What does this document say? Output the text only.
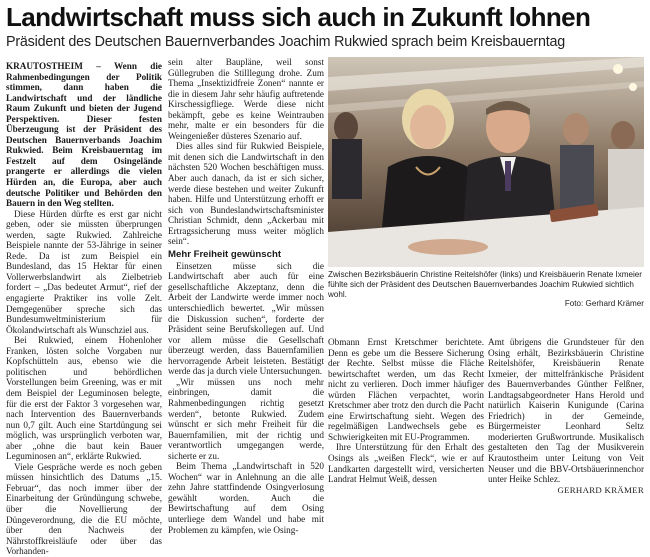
Landwirtschaft muss sich auch in Zukunft lohnen
Präsident des Deutschen Bauernverbandes Joachim Rukwied sprach beim Kreisbauerntag

KRAUTOSTHEIM – Wenn die Rahmenbedingungen der Politik stimmen, dann haben die Landwirtschaft und der ländliche Raum Zukunft und bieten der Jugend Perspektiven. Dieser festen Überzeugung ist der Präsident des Deutschen Bauernverbands Joachim Rukwied. Beim Kreisbauerntag im Festzelt auf dem Osingelände prangerte er allerdings die vielen Hürden an, die Europa, aber auch deutsche Politiker und Behörden den Bauern in den Weg stellten.

Diese Hürden dürfte es erst gar nicht geben, oder sie müssten überprungen werden, sagte Rukwied. Zahlreiche Beispiele nannte der 53-Jährige in seiner Rede. Da ist zum Beispiel ein Bundesland, das 15 Hektar für einen Vollerwerbslandwirt als Zielbetrieb fordert – „Das bedeutet Armut“, rief der engagierte Praktiker ins volle Zelt. Demgegenüber spreche sich das Bundesumweltministerium für Ökolandwirtschaft als Wunschziel aus.

Bei Rukwied, einem Hohenloher Franken, lösten solche Vorgaben nur Kopfschütteln aus, ebenso wie die politischen und behördlichen Vorstellungen beim Greening, was er mit dem Beispiel der Leguminosen belegte, für die erst der Faktor 3 vorgesehen war, nach Intervention des Bauernverbands nun 0,7 gilt. Auch eine Startdüngung sei möglich, was ursprünglich verboten war, aber „ohne die baut kein Bauer Leguminosen an“, erklärte Rukwied.

Viele Gespräche werde es noch geben müssen hinsichtlich des Datums „15. Februar“, das noch immer über der Einarbeitung der Gründüngung schwebe, über die Novellierung der Düngeverordnung, die die EU möchte, über den Nachweis der Nährstoffkreisläufe oder über das Vorhanden-

sein alter Baupläne, weil sonst Güllegruben die Stilllegung drohe. Zum Thema „Insektizidfreie Zonen“ nannte er die in diesem Jahr sehr häufig auftretende Kirschessigfliege. Werde diese nicht bekämpft, gebe es keine Weintrauben mehr, malte er ein besonders für die Weingenießer düsteres Szenario auf.

Dies alles sind für Rukwied Beispiele, mit denen sich die Landwirtschaft in den nächsten 520 Wochen beschäftigen muss. Aber auch danach, da ist er sich sicher, werde diese bestehen und weiter Zukunft haben. Hilfe und Unterstützung erhofft er sich von Bundeslandwirtschaftsminister Christian Schmidt, denn „Ackerbau mit Ertragssicherung muss weiter möglich sein“.

Mehr Freiheit gewünscht

Einsetzen müsse sich die Landwirtschaft aber auch für eine gesellschaftliche Akzeptanz, denn die Arbeit der Landwirte werde immer noch unterschiedlich bewertet. „Wir müssen die Diskussion suchen“, forderte der Präsident seine Berufskollegen auf. Und vor allem müsse die Gesellschaft überzeugt werden, dass Bauernfamilien hervorragende Arbeit leisteten. Bestätigt werde das ja durch viele Untersuchungen.

„Wir müssen uns noch mehr einbringen, damit die Rahmenbedingungen richtig gesetzt werden“, betonte Rukwied. Zudem wünscht er sich mehr Freiheit für die Bauernfamilien, mit der richtig und verantwortlich umgegangen werde, sicherte er zu.

Beim Thema „Landwirtschaft in 520 Wochen“ war in Anlehnung an die alle zehn Jahre stattfindende Osingverlosung gewählt worden. Auch die Bewirtschaftung auf dem Osing unterliege dem Wandel und habe mit Problemen zu kämpfen, wie Osing-

Zwischen Bezirksbäuerin Christine Reitelshöfer (links) und Kreisbäuerin Renate Ixmeier fühlte sich der Präsident des Deutschen Bauernverbandes Joachim Rukwied sichtlich wohl.
Foto: Gerhard Krämer

Obmann Ernst Kretschmer berichtete. Denn es gebe um die Bessere Sicherung der Rechte. Selbst müsse die Fläche bewirtschaftet werden, um das Recht nicht zu verlieren. Doch immer häufiger würden Flächen verpachtet, worin Kretschmer aber trotz den durch die Pacht eine Erwirtschaftung sieht. Wegen des regelmäßigen Landwechsels gebe es Schwierigkeiten mit EU-Programmen.

Ihre Unterstützung für den Erhalt des Osings als „weißen Fleck“, wie er auf Landkarten dargestellt wird, versicherten Landrat Helmut Weiß, dessen

Amt übrigens die Grundsteuer für den Osing erhält, Bezirksbäuerin Christine Reitelshöfer, Kreisbäuerin Renate Ixmeier, der mittelfränkische Präsident des Bauernverbandes Günther Felßner, Landtagsabgeordneter Hans Herold und natürlich Kaiserin Kunigunde (Carina Friedrich) in der Gemeinde, Bürgermeister Leonhard Seltz moderierten Grußwortrunde. Musikalisch gestalteten den Tag der Musikverein Krautostheim unter Leitung von Veit Neuser und die BBV-Ortsbäuerinnenchor unter Heike Schlez.

GERHARD KRÄMER
